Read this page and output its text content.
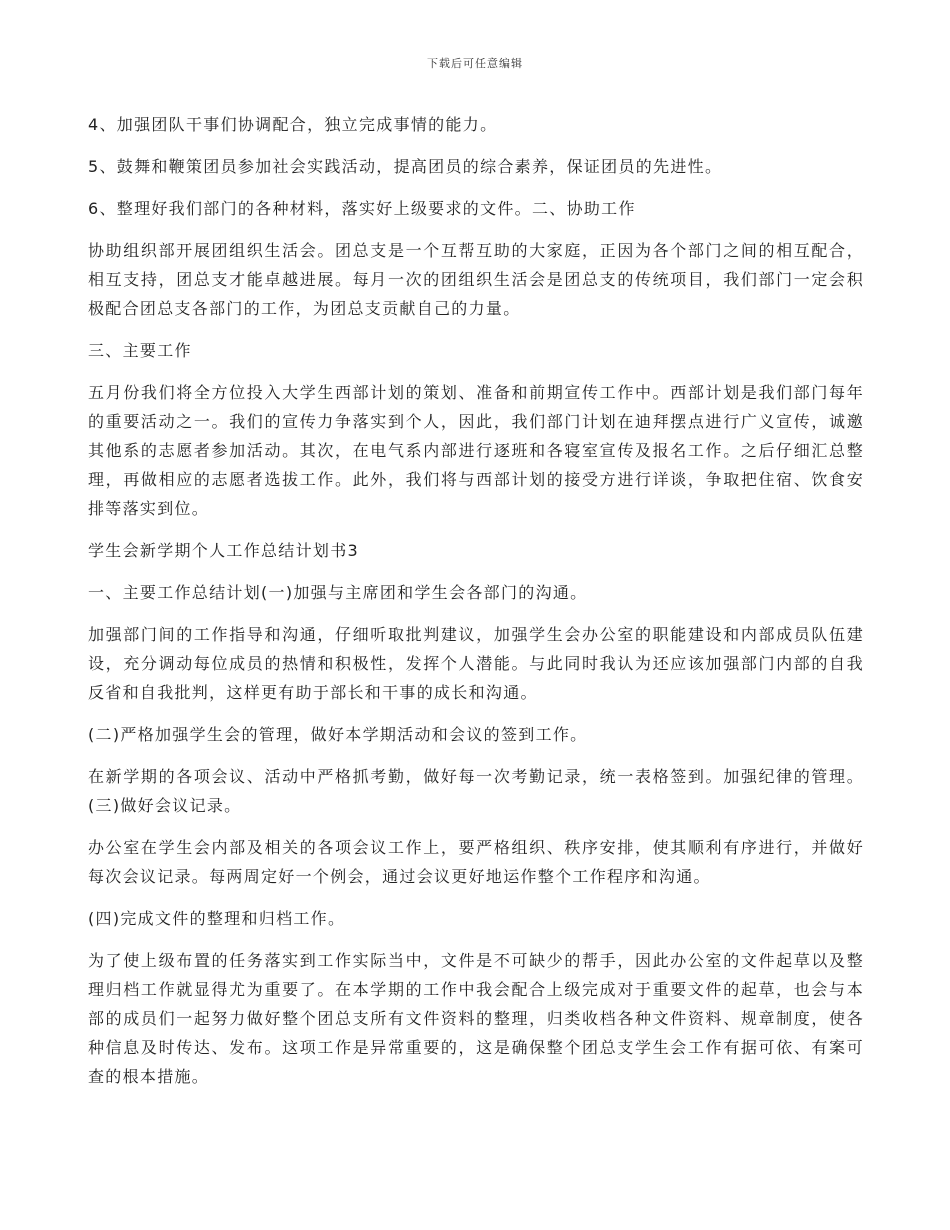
下载后可任意编辑

4、加强团队干事们协调配合，独立完成事情的能力。

5、鼓舞和鞭策团员参加社会实践活动，提高团员的综合素养，保证团员的先进性。

6、整理好我们部门的各种材料，落实好上级要求的文件。二、协助工作

协助组织部开展团组织生活会。团总支是一个互帮互助的大家庭，正因为各个部门之间的相互配合，相互支持，团总支才能卓越进展。每月一次的团组织生活会是团总支的传统项目，我们部门一定会积极配合团总支各部门的工作，为团总支贡献自己的力量。

三、主要工作

五月份我们将全方位投入大学生西部计划的策划、准备和前期宣传工作中。西部计划是我们部门每年的重要活动之一。我们的宣传力争落实到个人，因此，我们部门计划在迪拜摆点进行广义宣传，诚邀其他系的志愿者参加活动。其次，在电气系内部进行逐班和各寝室宣传及报名工作。之后仔细汇总整理，再做相应的志愿者选拔工作。此外，我们将与西部计划的接受方进行详谈，争取把住宿、饮食安排等落实到位。

学生会新学期个人工作总结计划书3

一、主要工作总结计划(一)加强与主席团和学生会各部门的沟通。

加强部门间的工作指导和沟通，仔细听取批判建议，加强学生会办公室的职能建设和内部成员队伍建设，充分调动每位成员的热情和积极性，发挥个人潜能。与此同时我认为还应该加强部门内部的自我反省和自我批判，这样更有助于部长和干事的成长和沟通。

(二)严格加强学生会的管理，做好本学期活动和会议的签到工作。

在新学期的各项会议、活动中严格抓考勤，做好每一次考勤记录，统一表格签到。加强纪律的管理。(三)做好会议记录。

办公室在学生会内部及相关的各项会议工作上，要严格组织、秩序安排，使其顺利有序进行，并做好每次会议记录。每两周定好一个例会，通过会议更好地运作整个工作程序和沟通。

(四)完成文件的整理和归档工作。

为了使上级布置的任务落实到工作实际当中，文件是不可缺少的帮手，因此办公室的文件起草以及整理归档工作就显得尤为重要了。在本学期的工作中我会配合上级完成对于重要文件的起草，也会与本部的成员们一起努力做好整个团总支所有文件资料的整理，归类收档各种文件资料、规章制度，使各种信息及时传达、发布。这项工作是异常重要的，这是确保整个团总支学生会工作有据可依、有案可查的根本措施。
